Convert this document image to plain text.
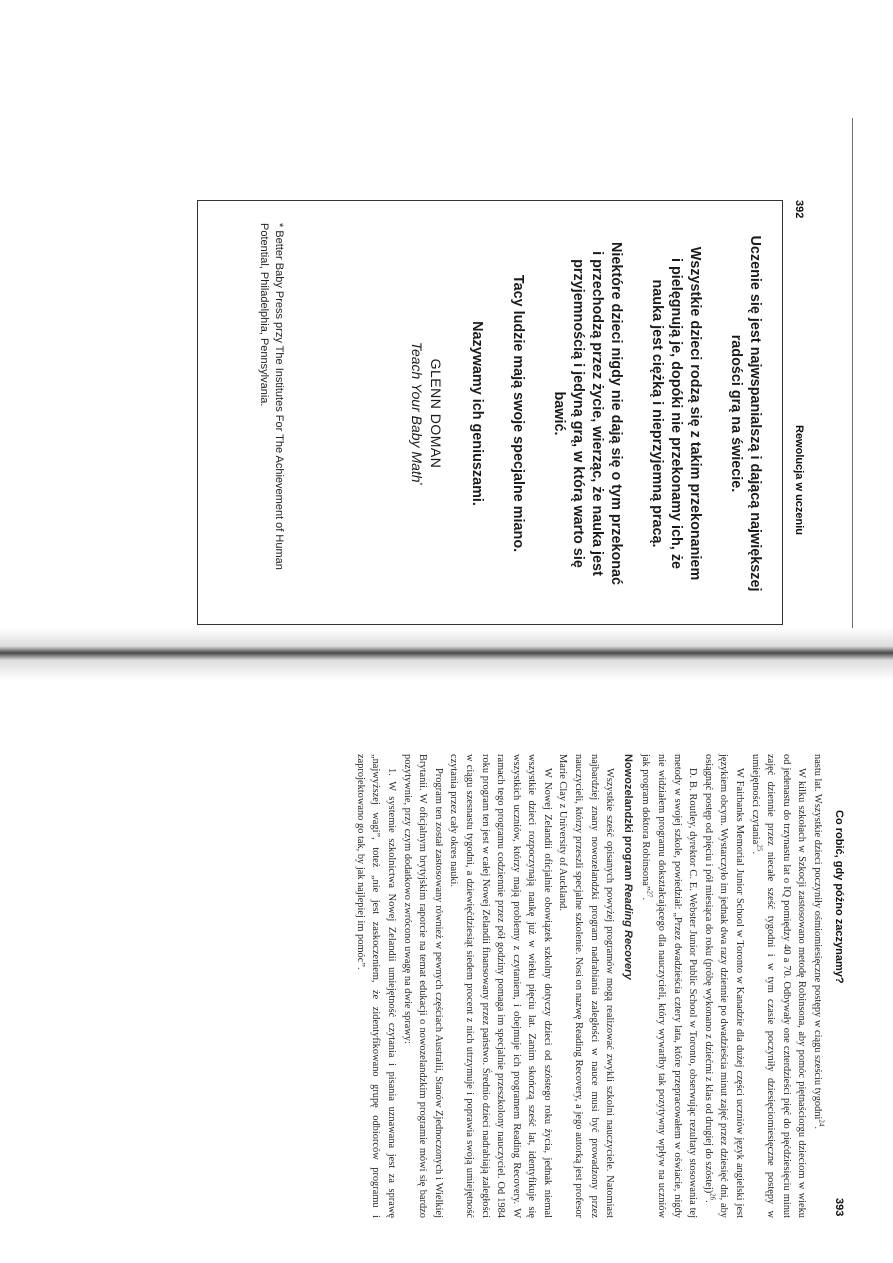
392
Rewolucja w uczeniu

Uczenie się jest najwspanialszą i dającą największej

radości grą na świecie.

Wszystkie dzieci rodzą się z takim przekonaniem

i pielęgnują je, dopóki nie przekonamy ich, że

nauka jest ciężką i nieprzyjemną pracą.

Niektóre dzieci nigdy nie dają się o tym przekonać

i przechodzą przez życie, wierząc, że nauka jest

przyjemnością i jedyną grą, w którą warto się

bawić.

Tacy ludzie mają swoje specjalne miano.

Nazywamy ich geniuszami.

GLENN DOMAN

Teach Your Baby Math*

* Better Baby Press przy The Institutes For The Achievement of Human Potential, Philadelphia, Pennsylvania.
Co robić, gdy późno zaczynamy?
393

nastu lat. Wszystkie dzieci poczyniły ośmiomiesięczne postępy w ciągu sześciu tygodni$^{24}$.

W kilku szkołach w Szkocji zastosowano metodę Robinsona, aby pomóc piętnaściorgu dzieciom w wieku od jedenastu do trzynastu lat o IQ pomiędzy 40 a 70. Odbywały one czterdzieści pięć do pięćdziesięciu minut zajęć dziennie przez niecałe sześć tygodni i w tym czasie poczyniły dziesięciomiesięczne postępy w umiejętności czytania$^{25}$.

W Fairbanks Memorial Junior School w Toronto w Kanadzie dla dużej części uczniów język angielski jest językiem obcym. Wystarczyło im jednak dwa razy dziennie po dwadzieścia minut zajęć przez dziesięć dni, aby osiągnąć postęp od pięciu i pół miesiąca do roku (próbę wykonano z dziećmi z klas od drugiej do szóstej)$^{26}$.

D. B. Routley, dyrektor C. E. Webster Junior Public School w Toronto, obserwując rezultaty stosowania tej metody w swojej szkole, powiedział: „Przez dwadzieścia cztery lata, które przepracowałem w oświacie, nigdy nie widziałem programu dokształcającego dla nauczycieli, który wywarłby tak pozytywny wpływ na uczniów jak program doktora Robinsona”$^{27}$.

Nowozelandzki program Reading Recovery

Wszystkie sześć opisanych powyżej programów mogą realizować zwykli szkolni nauczyciele. Natomiast najbardziej znany nowozelandzki program nadrabiania zaległości w nauce musi być prowadzony przez nauczycieli, którzy przeszli specjalne szkolenie. Nosi on nazwę Reading Recovery, a jego autorką jest profesor Marie Clay z University of Auckland.

W Nowej Zelandii oficjalnie obowiązek szkolny dotyczy dzieci od szóstego roku życia, jednak niemal wszystkie dzieci rozpoczynają naukę już w wieku pięciu lat. Zanim skończą sześć lat, identyfikuje się wszystkich uczniów, którzy mają problemy z czytaniem, i obejmuje ich programem Reading Recovery. W ramach tego programu codziennie przez pół godziny pomaga im specjalnie przeszkolony nauczyciel. Od 1984 roku program ten jest w całej Nowej Zelandii finansowany przez państwo. Średnio dzieci nadrabiają zaległości w ciągu szesnastu tygodni, a dziewięćdziesiąt siedem procent z nich utrzymuje i poprawia swoją umiejętność czytania przez cały okres nauki.

Program ten został zastosowany również w pewnych częściach Australii, Stanów Zjednoczonych i Wielkiej Brytanii. W oficjalnym brytyjskim raporcie na temat edukacji o nowozelandzkim programie mówi się bardzo pozytywnie, przy czym dodatkowo zwrócono uwagę na dwie sprawy:

1. W systemie szkolnictwa Nowej Zelandii umiejętność czytania i pisania uznawana jest za sprawę „najwyższej wagi”, toteż „nie jest zaskoczeniem, że zidentyfikowano grupę odbiorców programu i zaprojektowano go tak, by jak najlepiej im pomóc”.
